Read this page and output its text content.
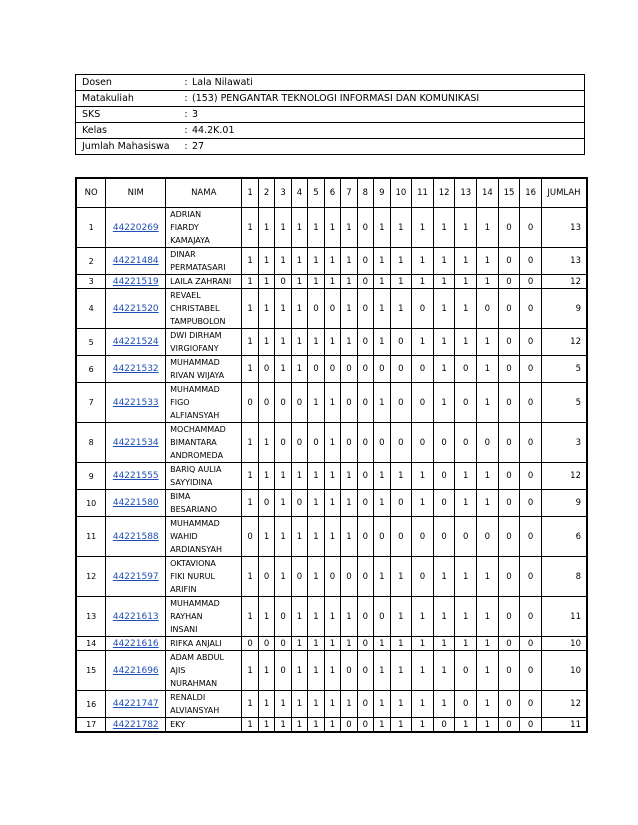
Dosen	:	Lala Nilawati
Matakuliah	:	(153) PENGANTAR TEKNOLOGI INFORMASI DAN KOMUNIKASI
SKS	:	3
Kelas	:	44.2K.01
Jumlah Mahasiswa	:	27
NO	NIM	NAMA	1	2	3	4	5	6	7	8	9	10	11	12	13	14	15	16	JUMLAH
1	44220269	ADRIAN
FIARDY
KAMAJAYA	1	1	1	1	1	1	1	0	1	1	1	1	1	1	0	0	13
2	44221484	DINAR
PERMATASARI	1	1	1	1	1	1	1	0	1	1	1	1	1	1	0	0	13
3	44221519	LAILA ZAHRANI	1	1	0	1	1	1	1	0	1	1	1	1	1	1	0	0	12
4	44221520	REVAEL
CHRISTABEL
TAMPUBOLON	1	1	1	1	0	0	1	0	1	1	0	1	1	0	0	0	9
5	44221524	DWI DIRHAM
VIRGIOFANY	1	1	1	1	1	1	1	0	1	0	1	1	1	1	0	0	12
6	44221532	MUHAMMAD
RIVAN WIJAYA	1	0	1	1	0	0	0	0	0	0	0	1	0	1	0	0	5
7	44221533	MUHAMMAD
FIGO
ALFIANSYAH	0	0	0	0	1	1	0	0	1	0	0	1	0	1	0	0	5
8	44221534	MOCHAMMAD
BIMANTARA
ANDROMEDA	1	1	0	0	0	1	0	0	0	0	0	0	0	0	0	0	3
9	44221555	BARIQ AULIA
SAYYIDINA	1	1	1	1	1	1	1	0	1	1	1	0	1	1	0	0	12
10	44221580	BIMA
BESARIANO	1	0	1	0	1	1	1	0	1	0	1	0	1	1	0	0	9
11	44221588	MUHAMMAD
WAHID
ARDIANSYAH	0	1	1	1	1	1	1	0	0	0	0	0	0	0	0	0	6
12	44221597	OKTAVIONA
FIKI NURUL
ARIFIN	1	0	1	0	1	0	0	0	1	1	0	1	1	1	0	0	8
13	44221613	MUHAMMAD
RAYHAN
INSANI	1	1	0	1	1	1	1	0	0	1	1	1	1	1	0	0	11
14	44221616	RIFKA ANJALI	0	0	0	1	1	1	1	0	1	1	1	1	1	1	0	0	10
15	44221696	ADAM ABDUL
AJIS
NURAHMAN	1	1	0	1	1	1	0	0	1	1	1	1	0	1	0	0	10
16	44221747	RENALDI
ALVIANSYAH	1	1	1	1	1	1	1	0	1	1	1	1	0	1	0	0	12
17	44221782	EKY	1	1	1	1	1	1	0	0	1	1	1	0	1	1	0	0	11
